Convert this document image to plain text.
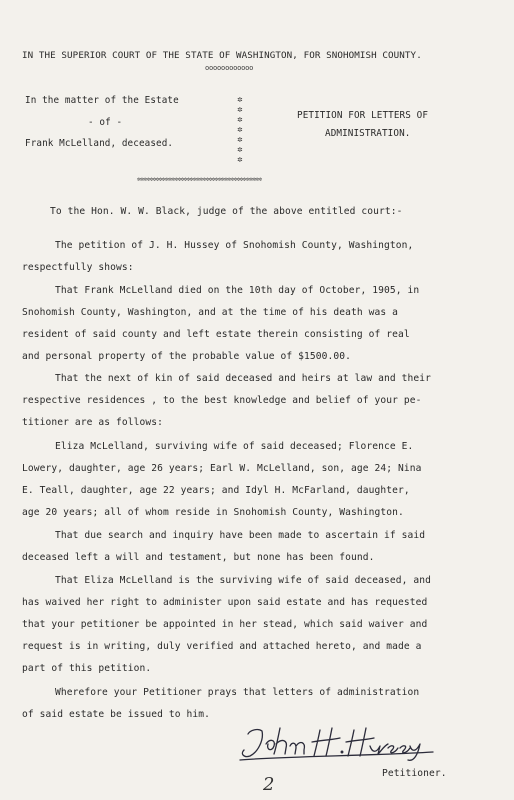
IN THE SUPERIOR COURT OF THE STATE OF WASHINGTON, FOR SNOHOMISH COUNTY.
oooooooooooo
In the matter of the Estate
- of -
Frank McLelland, deceased.
✲
✲
✲
✲
✲
✲
✲
PETITION FOR LETTERS OF
ADMINISTRATION.
✲✲✲✲✲✲✲✲✲✲✲✲✲✲✲✲✲✲✲✲✲✲✲✲✲✲✲✲✲✲✲✲✲✲✲✲✲✲✲✲
To the Hon. W. W. Black, judge of the above entitled court:-
The petition of J. H. Hussey of Snohomish County, Washington,
respectfully shows:
That Frank McLelland died on the 10th day of October, 1905, in
Snohomish County, Washington, and at the time of his death was a
resident of said county and left estate therein consisting of real
and personal property of the probable value of $1500.00.
That the next of kin of said deceased and heirs at law and their
respective residences , to the best knowledge and belief of your pe-
titioner are as follows:
Eliza McLelland, surviving wife of said deceased; Florence E.
Lowery, daughter, age 26 years; Earl W. McLelland, son, age 24; Nina
E. Teall, daughter, age 22 years; and Idyl H. McFarland, daughter,
age 20 years; all of whom reside in Snohomish County, Washington.
That due search and inquiry have been made to ascertain if said
deceased left a will and testament, but none has been found.
That Eliza McLelland is the surviving wife of said deceased, and
has waived her right to administer upon said estate and has requested
that your petitioner be appointed in her stead, which said waiver and
request is in writing, duly verified and attached hereto, and made a
part of this petition.
Wherefore your Petitioner prays that letters of administration
of said estate be issued to him.
Petitioner.
2
